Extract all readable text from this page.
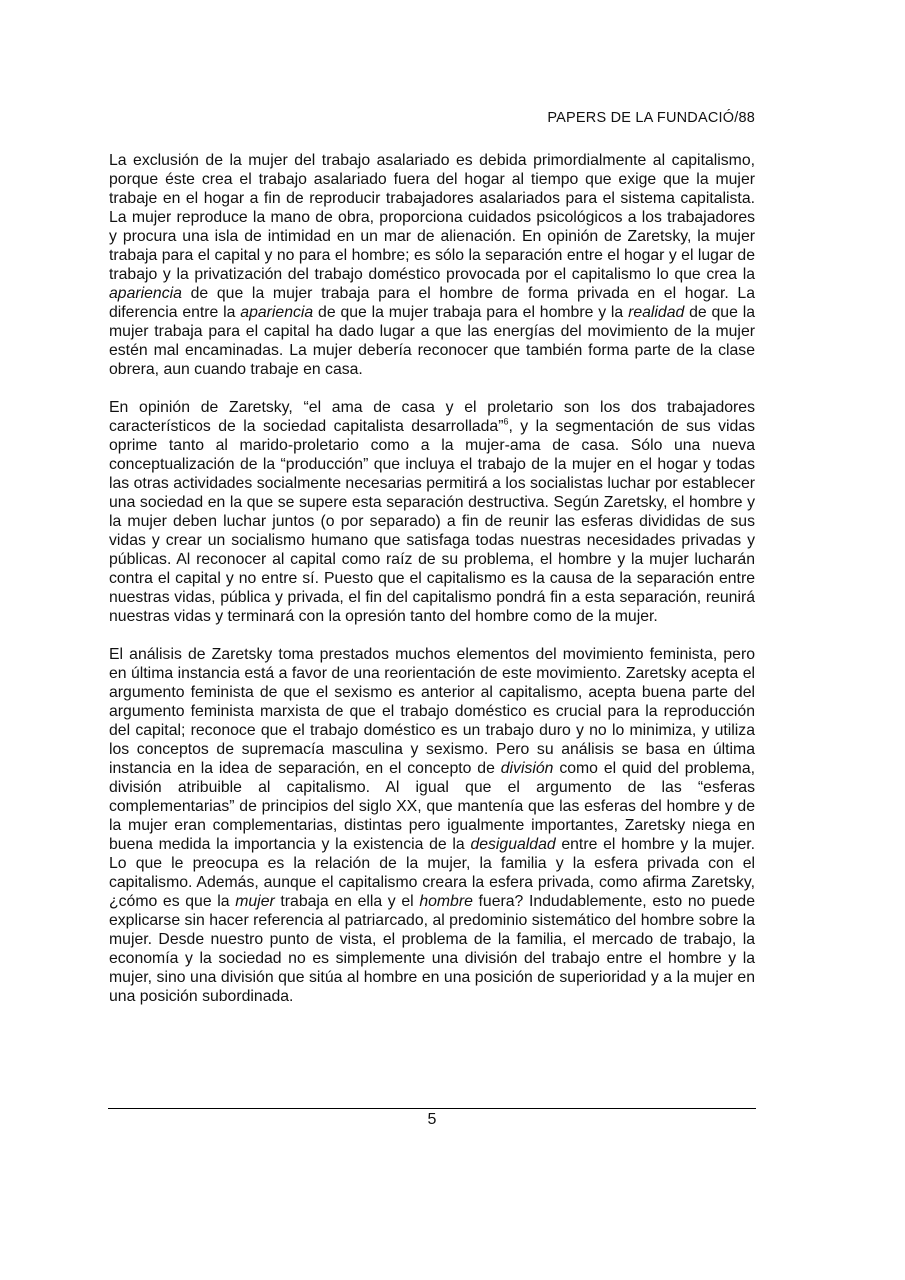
PAPERS DE LA FUNDACIÓ/88

La exclusión de la mujer del trabajo asalariado es debida primordialmente al capitalismo, porque éste crea el trabajo asalariado fuera del hogar al tiempo que exige que la mujer trabaje en el hogar a fin de reproducir trabajadores asalariados para el sistema capitalista. La mujer reproduce la mano de obra, proporciona cuidados psicológicos a los trabajadores y procura una isla de intimidad en un mar de alienación. En opinión de Zaretsky, la mujer trabaja para el capital y no para el hombre; es sólo la separación entre el hogar y el lugar de trabajo y la privatización del trabajo doméstico provocada por el capitalismo lo que crea la apariencia de que la mujer trabaja para el hombre de forma privada en el hogar. La diferencia entre la apariencia de que la mujer trabaja para el hombre y la realidad de que la mujer trabaja para el capital ha dado lugar a que las energías del movimiento de la mujer estén mal encaminadas. La mujer debería reconocer que también forma parte de la clase obrera, aun cuando trabaje en casa.

En opinión de Zaretsky, “el ama de casa y el proletario son los dos trabajadores característicos de la sociedad capitalista desarrollada”$^6$, y la segmentación de sus vidas oprime tanto al marido-proletario como a la mujer-ama de casa. Sólo una nueva conceptualización de la “producción” que incluya el trabajo de la mujer en el hogar y todas las otras actividades socialmente necesarias permitirá a los socialistas luchar por establecer una sociedad en la que se supere esta separación destructiva. Según Zaretsky, el hombre y la mujer deben luchar juntos (o por separado) a fin de reunir las esferas divididas de sus vidas y crear un socialismo humano que satisfaga todas nuestras necesidades privadas y públicas. Al reconocer al capital como raíz de su problema, el hombre y la mujer lucharán contra el capital y no entre sí. Puesto que el capitalismo es la causa de la separación entre nuestras vidas, pública y privada, el fin del capitalismo pondrá fin a esta separación, reunirá nuestras vidas y terminará con la opresión tanto del hombre como de la mujer.

El análisis de Zaretsky toma prestados muchos elementos del movimiento feminista, pero en última instancia está a favor de una reorientación de este movimiento. Zaretsky acepta el argumento feminista de que el sexismo es anterior al capitalismo, acepta buena parte del argumento feminista marxista de que el trabajo doméstico es crucial para la reproducción del capital; reconoce que el trabajo doméstico es un trabajo duro y no lo minimiza, y utiliza los conceptos de supremacía masculina y sexismo. Pero su análisis se basa en última instancia en la idea de separación, en el concepto de división como el quid del problema, división atribuible al capitalismo. Al igual que el argumento de las “esferas complementarias” de principios del siglo XX, que mantenía que las esferas del hombre y de la mujer eran complementarias, distintas pero igualmente importantes, Zaretsky niega en buena medida la importancia y la existencia de la desigualdad entre el hombre y la mujer. Lo que le preocupa es la relación de la mujer, la familia y la esfera privada con el capitalismo. Además, aunque el capitalismo creara la esfera privada, como afirma Zaretsky, ¿cómo es que la mujer trabaja en ella y el hombre fuera? Indudablemente, esto no puede explicarse sin hacer referencia al patriarcado, al predominio sistemático del hombre sobre la mujer. Desde nuestro punto de vista, el problema de la familia, el mercado de trabajo, la economía y la sociedad no es simplemente una división del trabajo entre el hombre y la mujer, sino una división que sitúa al hombre en una posición de superioridad y a la mujer en una posición subordinada.

5
